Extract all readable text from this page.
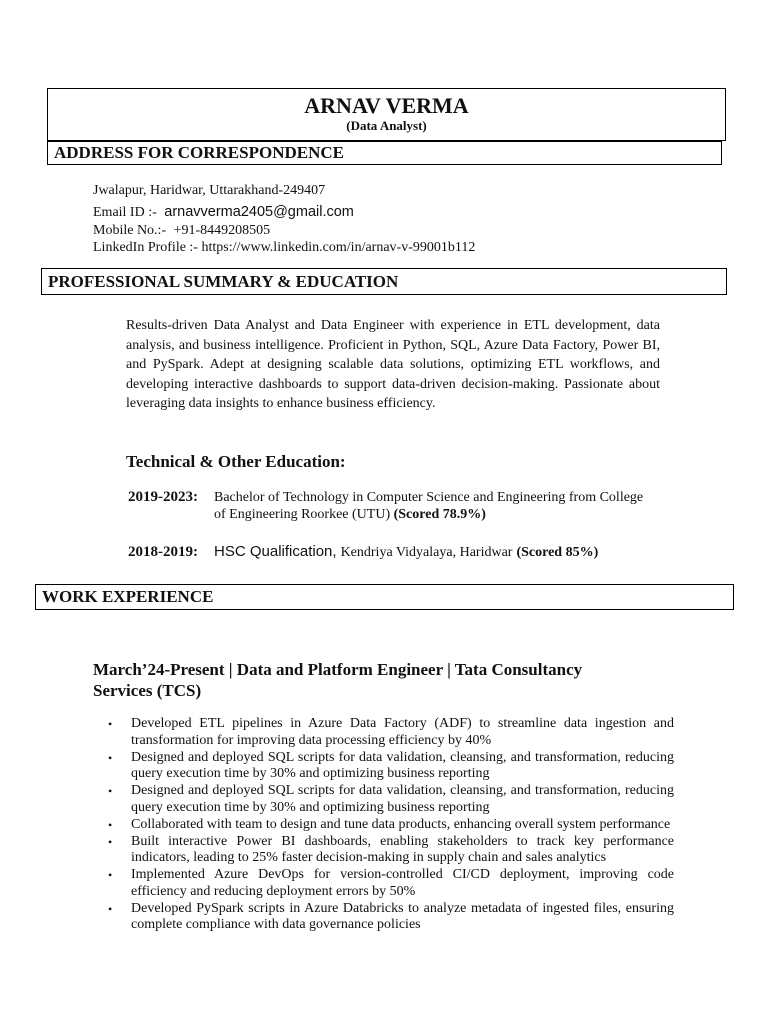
ARNAV VERMA
(Data Analyst)
ADDRESS FOR CORRESPONDENCE
Jwalapur, Haridwar, Uttarakhand-249407
Email ID :- arnavverma2405@gmail.com
Mobile No.:- +91-8449208505
LinkedIn Profile :- https://www.linkedin.com/in/arnav-v-99001b112
PROFESSIONAL SUMMARY & EDUCATION
Results-driven Data Analyst and Data Engineer with experience in ETL development, data analysis, and business intelligence. Proficient in Python, SQL, Azure Data Factory, Power BI, and PySpark. Adept at designing scalable data solutions, optimizing ETL workflows, and developing interactive dashboards to support data-driven decision-making. Passionate about leveraging data insights to enhance business efficiency.
Technical & Other Education:
2019-2023:	Bachelor of Technology in Computer Science and Engineering from College
of Engineering Roorkee (UTU) (Scored 78.9%)
2018-2019:	HSC Qualification, Kendriya Vidyalaya, Haridwar (Scored 85%)
WORK EXPERIENCE
March’24-Present | Data and Platform Engineer | Tata Consultancy
Services (TCS)
• Developed ETL pipelines in Azure Data Factory (ADF) to streamline data ingestion and transformation for improving data processing efficiency by 40%
• Designed and deployed SQL scripts for data validation, cleansing, and transformation, reducing query execution time by 30% and optimizing business reporting
• Designed and deployed SQL scripts for data validation, cleansing, and transformation, reducing query execution time by 30% and optimizing business reporting
• Collaborated with team to design and tune data products, enhancing overall system performance
• Built interactive Power BI dashboards, enabling stakeholders to track key performance indicators, leading to 25% faster decision-making in supply chain and sales analytics
• Implemented Azure DevOps for version-controlled CI/CD deployment, improving code efficiency and reducing deployment errors by 50%
• Developed PySpark scripts in Azure Databricks to analyze metadata of ingested files, ensuring complete compliance with data governance policies
